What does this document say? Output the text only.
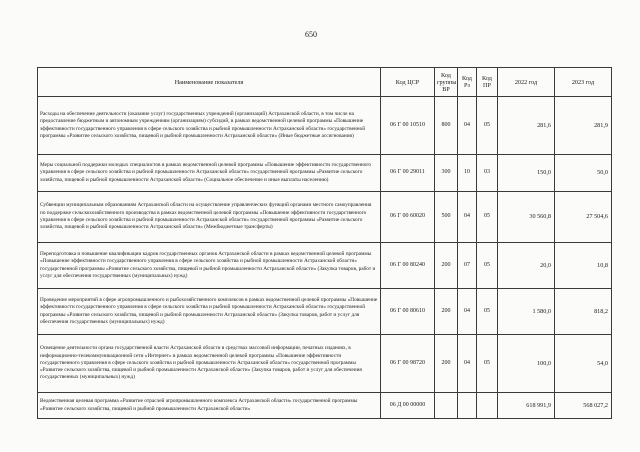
650
Наименование показателя	Код ЦСР	Код группы ВР	Код Рз	Код ПР	2022 год	2023 год
Расходы на обеспечение деятельности (оказание услуг) государственных учреждений (организаций) Астраханской области, в том числе на предоставление бюджетным и автономным учреждениям (организациям) субсидий, в рамках ведомственной целевой программы «Повышение эффективности государственного управления в сфере сельского хозяйства и рыбной промышленности Астраханской области» государственной программы «Развитие сельского хозяйства, пищевой и рыбной промышленности Астраханской области» (Иные бюджетные ассигнования)	06 Г 00 10510	800	04	05	281,6	281,9
Меры социальной поддержки молодых специалистов в рамках ведомственной целевой программы «Повышение эффективности государственного управления в сфере сельского хозяйства и рыбной промышленности Астраханской области» государственной программы «Развитие сельского хозяйства, пищевой и рыбной промышленности Астраханской области» (Социальное обеспечение и иные выплаты населению)	06 Г 00 29011	300	10	03	150,0	50,0
Субвенции муниципальным образованиям Астраханской области на осуществление управленческих функций органами местного самоуправления по поддержке сельскохозяйственного производства в рамках ведомственной целевой программы «Повышение эффективности государственного управления в сфере сельского хозяйства и рыбной промышленности Астраханской области» государственной программы «Развитие сельского хозяйства, пищевой и рыбной промышленности Астраханской области» (Межбюджетные трансферты)	06 Г 00 60020	500	04	05	30 560,8	27 504,6
Переподготовка и повышение квалификации кадров государственных органов Астраханской области в рамках ведомственной целевой программы «Повышение эффективности государственного управления в сфере сельского хозяйства и рыбной промышленности Астраханской области» государственной программы «Развитие сельского хозяйства, пищевой и рыбной промышленности Астраханской области» (Закупка товаров, работ и услуг для обеспечения государственных (муниципальных) нужд)	06 Г 00 80240	200	07	05	20,0	10,8
Проведение мероприятий в сфере агропромышленного и рыбохозяйственного комплексов в рамках ведомственной целевой программы «Повышение эффективности государственного управления в сфере сельского хозяйства и рыбной промышленности Астраханской области» государственной программы «Развитие сельского хозяйства, пищевой и рыбной промышленности Астраханской области» (Закупка товаров, работ и услуг для обеспечения государственных (муниципальных) нужд)	06 Г 00 80610	200	04	05	1 580,0	818,2
Освещение деятельности органа государственной власти Астраханской области в средствах массовой информации, печатных изданиях, в информационно-телекоммуникационной сети «Интернет» в рамках ведомственной целевой программы «Повышение эффективности государственного управления в сфере сельского хозяйства и рыбной промышленности Астраханской области» государственной программы «Развитие сельского хозяйства, пищевой и рыбной промышленности Астраханской области» (Закупка товаров, работ и услуг для обеспечения государственных (муниципальных) нужд)	06 Г 00 98720	200	04	05	100,0	54,0
Ведомственная целевая программа «Развитие отраслей агропромышленного комплекса Астраханской области» государственной программы «Развитие сельского хозяйства, пищевой и рыбной промышленности Астраханской области»	06 Д 00 00000				618 991,9	568 027,2
